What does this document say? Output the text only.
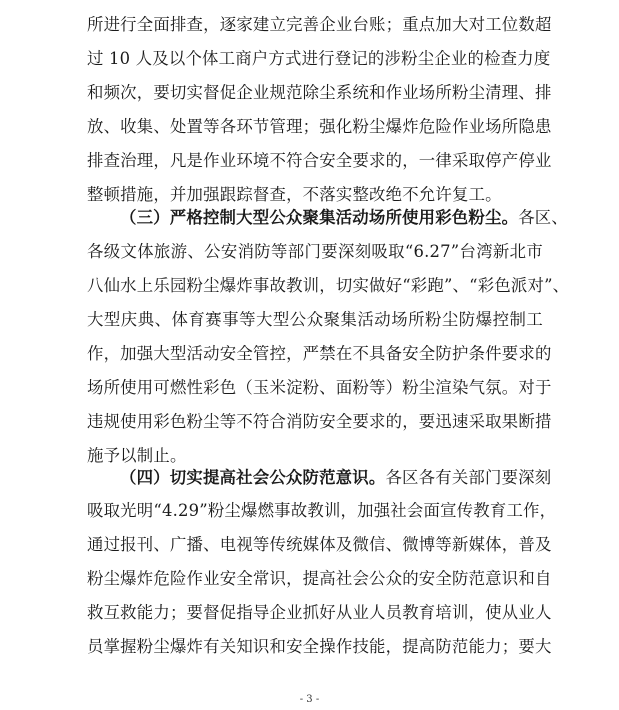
所进行全面排查，逐家建立完善企业台账；重点加大对工位数超
过 10 人及以个体工商户方式进行登记的涉粉尘企业的检查力度
和频次，要切实督促企业规范除尘系统和作业场所粉尘清理、排
放、收集、处置等各环节管理；强化粉尘爆炸危险作业场所隐患
排查治理，凡是作业环境不符合安全要求的，一律采取停产停业
整顿措施，并加强跟踪督查，不落实整改绝不允许复工。
（三）严格控制大型公众聚集活动场所使用彩色粉尘。各区、
各级文体旅游、公安消防等部门要深刻吸取“6.27”台湾新北市
八仙水上乐园粉尘爆炸事故教训，切实做好“彩跑”、“彩色派对”、
大型庆典、体育赛事等大型公众聚集活动场所粉尘防爆控制工
作，加强大型活动安全管控，严禁在不具备安全防护条件要求的
场所使用可燃性彩色（玉米淀粉、面粉等）粉尘渲染气氛。对于
违规使用彩色粉尘等不符合消防安全要求的，要迅速采取果断措
施予以制止。
（四）切实提高社会公众防范意识。各区各有关部门要深刻
吸取光明“4.29”粉尘爆燃事故教训，加强社会面宣传教育工作，
通过报刊、广播、电视等传统媒体及微信、微博等新媒体，普及
粉尘爆炸危险作业安全常识，提高社会公众的安全防范意识和自
救互救能力；要督促指导企业抓好从业人员教育培训，使从业人
员掌握粉尘爆炸有关知识和安全操作技能，提高防范能力；要大
- 3 -
